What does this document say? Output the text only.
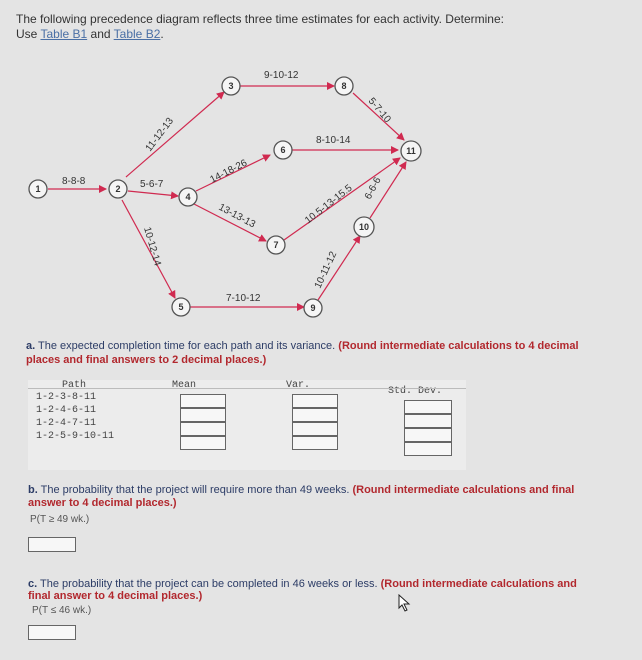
The following precedence diagram reflects three time estimates for each activity. Determine:
Use Table B1 and Table B2.
1	2
3
4
5
6
7
8
9
10
11
8-8-8	5-6-7
9-10-12
8-10-14
7-10-12
11-12-13
14-18-26
13-13-13
10-12-14
5-7-10
10.5-13-15.5 6-6-6
10-11-12
a. The expected completion time for each path and its variance. (Round intermediate calculations to 4 decimal
places and final answers to 2 decimal places.)
Path	Mean	Var.
Std. Dev.
1-2-3-8-11
1-2-4-6-11
1-2-4-7-11
1-2-5-9-10-11
b. The probability that the project will require more than 49 weeks. (Round intermediate calculations and final
answer to 4 decimal places.)
P(T ≥ 49 wk.)
c. The probability that the project can be completed in 46 weeks or less. (Round intermediate calculations and
final answer to 4 decimal places.)
P(T ≤ 46 wk.)
